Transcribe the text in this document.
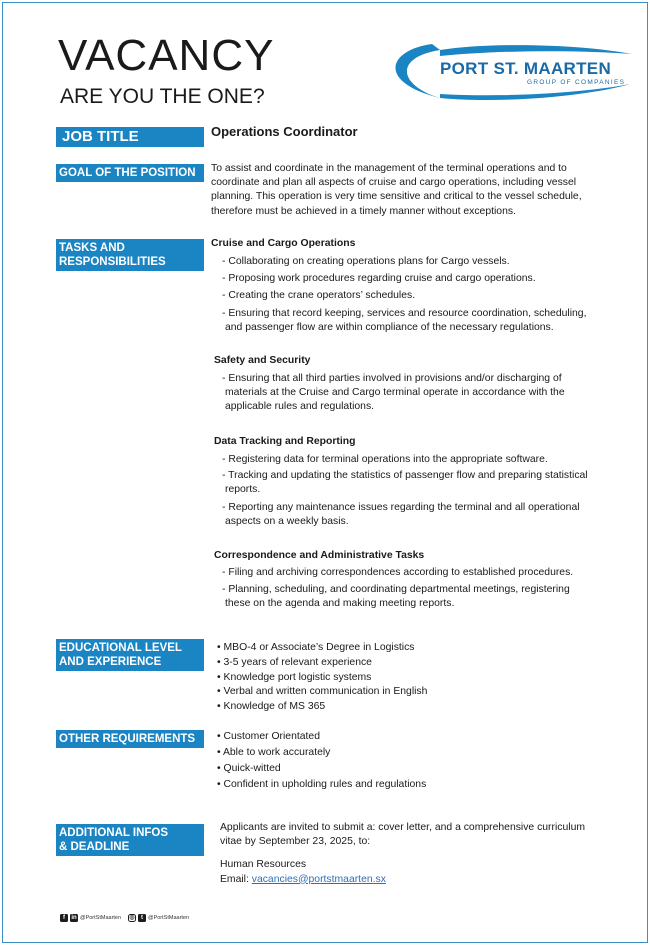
VACANCY
ARE YOU THE ONE?
PORT ST. MAARTEN
GROUP OF COMPANIES
JOB TITLE	Operations Coordinator
GOAL OF THE POSITION	To assist and coordinate in the management of the terminal operations and to
coordinate and plan all aspects of cruise and cargo operations, including vessel
planning. This operation is very time sensitive and critical to the vessel schedule,
therefore must be achieved in a timely manner without exceptions.
TASKS AND
RESPONSIBILITIES
Cruise and Cargo Operations
- Collaborating on creating operations plans for Cargo vessels.
- Proposing work procedures regarding cruise and cargo operations.
- Creating the crane operators’ schedules.
- Ensuring that record keeping, services and resource coordination, scheduling,
and passenger flow are within compliance of the necessary regulations.
Safety and Security
- Ensuring that all third parties involved in provisions and/or discharging of
materials at the Cruise and Cargo terminal operate in accordance with the
applicable rules and regulations.
Data Tracking and Reporting
- Registering data for terminal operations into the appropriate software.
- Tracking and updating the statistics of passenger flow and preparing statistical
reports.
- Reporting any maintenance issues regarding the terminal and all operational
aspects on a weekly basis.
Correspondence and Administrative Tasks
- Filing and archiving correspondences according to established procedures.
- Planning, scheduling, and coordinating departmental meetings, registering
these on the agenda and making meeting reports.
EDUCATIONAL LEVEL
AND EXPERIENCE
• MBO-4 or Associate’s Degree in Logistics
• 3-5 years of relevant experience
• Knowledge port logistic systems
• Verbal and written communication in English
• Knowledge of MS 365
OTHER REQUIREMENTS	• Customer Orientated
• Able to work accurately
• Quick-witted
• Confident in upholding rules and regulations
ADDITIONAL INFOS
& DEADLINE
Applicants are invited to submit a: cover letter, and a comprehensive curriculum
vitae by September 23, 2025, to:
Human Resources
Email: vacancies@portstmaarten.sx
f	in @PortStMaarten ◎	t @PortStMaarten
